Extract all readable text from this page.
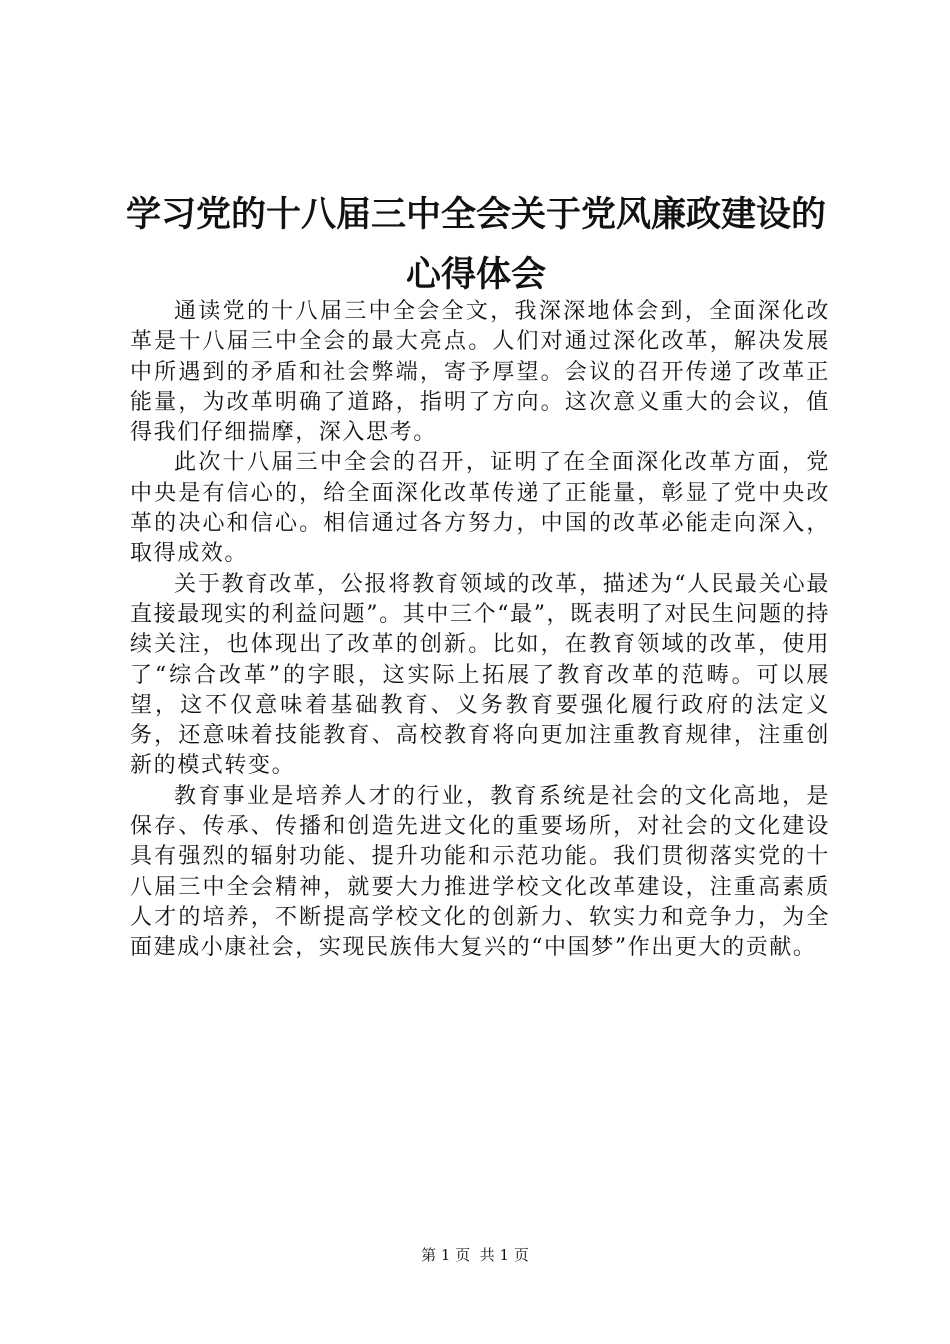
学习党的十八届三中全会关于党风廉政建设的
心得体会

通读党的十八届三中全会全文，我深深地体会到，全面深化改革是十八届三中全会的最大亮点。人们对通过深化改革，解决发展中所遇到的矛盾和社会弊端，寄予厚望。会议的召开传递了改革正能量，为改革明确了道路，指明了方向。这次意义重大的会议，值得我们仔细揣摩，深入思考。

此次十八届三中全会的召开，证明了在全面深化改革方面，党中央是有信心的，给全面深化改革传递了正能量，彰显了党中央改革的决心和信心。相信通过各方努力，中国的改革必能走向深入，取得成效。

关于教育改革，公报将教育领域的改革，描述为“人民最关心最直接最现实的利益问题”。其中三个“最”，既表明了对民生问题的持续关注，也体现出了改革的创新。比如，在教育领域的改革，使用了“综合改革”的字眼，这实际上拓展了教育改革的范畴。可以展望，这不仅意味着基础教育、义务教育要强化履行政府的法定义务，还意味着技能教育、高校教育将向更加注重教育规律，注重创新的模式转变。

教育事业是培养人才的行业，教育系统是社会的文化高地，是保存、传承、传播和创造先进文化的重要场所，对社会的文化建设具有强烈的辐射功能、提升功能和示范功能。我们贯彻落实党的十八届三中全会精神，就要大力推进学校文化改革建设，注重高素质人才的培养，不断提高学校文化的创新力、软实力和竞争力，为全面建成小康社会，实现民族伟大复兴的“中国梦”作出更大的贡献。

第 1 页  共 1 页
